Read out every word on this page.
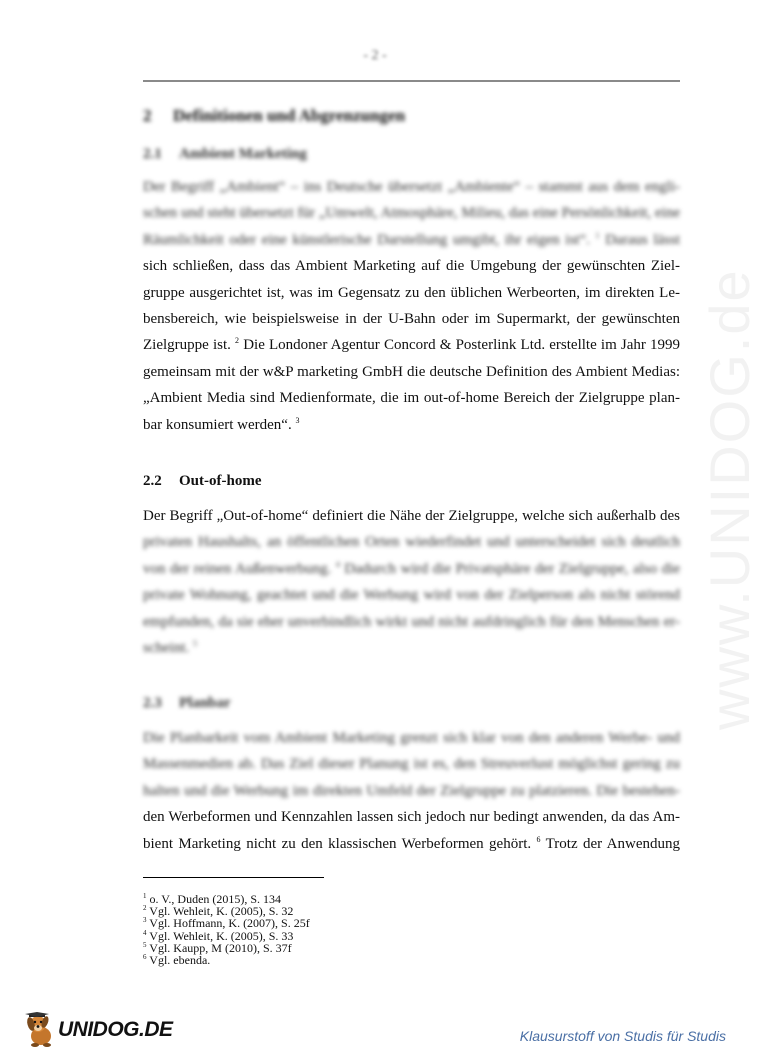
- 2 -
www.UNIDOG.de
2 Definitionen und Abgrenzungen
2.1 Ambient Marketing
Der Begriff „Ambient“ – ins Deutsche übersetzt „Ambiente“ – stammt aus dem engli-
schen und steht übersetzt für „Umwelt, Atmosphäre, Milieu, das eine Persönlichkeit, eine
Räumlichkeit oder eine künstlerische Darstellung umgibt, ihr eigen ist“. $^1$ Daraus lässt
sich schließen, dass das Ambient Marketing auf die Umgebung der gewünschten Ziel-
gruppe ausgerichtet ist, was im Gegensatz zu den üblichen Werbeorten, im direkten Le-
bensbereich, wie beispielsweise in der U-Bahn oder im Supermarkt, der gewünschten
Zielgruppe ist. $^2$ Die Londoner Agentur Concord & Posterlink Ltd. erstellte im Jahr 1999
gemeinsam mit der w&P marketing GmbH die deutsche Definition des Ambient Medias:
„Ambient Media sind Medienformate, die im out-of-home Bereich der Zielgruppe plan-
bar konsumiert werden“. $^3$
2.2 Out-of-home
Der Begriff „Out-of-home“ definiert die Nähe der Zielgruppe, welche sich außerhalb des
privaten Haushalts, an öffentlichen Orten wiederfindet und unterscheidet sich deutlich
von der reinen Außenwerbung. $^4$ Dadurch wird die Privatsphäre der Zielgruppe, also die
private Wohnung, geachtet und die Werbung wird von der Zielperson als nicht störend
empfunden, da sie eher unverbindlich wirkt und nicht aufdringlich für den Menschen er-
scheint. $^5$
2.3 Planbar
Die Planbarkeit vom Ambient Marketing grenzt sich klar von den anderen Werbe- und
Massenmedien ab. Das Ziel dieser Planung ist es, den Streuverlust möglichst gering zu
halten und die Werbung im direkten Umfeld der Zielgruppe zu platzieren. Die bestehen-
den Werbeformen und Kennzahlen lassen sich jedoch nur bedingt anwenden, da das Am-
bient Marketing nicht zu den klassischen Werbeformen gehört. $^6$ Trotz der Anwendung
$^1$ o. V., Duden (2015), S. 134
$^2$ Vgl. Wehleit, K. (2005), S. 32
$^3$ Vgl. Hoffmann, K. (2007), S. 25f
$^4$ Vgl. Wehleit, K. (2005), S. 33
$^5$ Vgl. Kaupp, M (2010), S. 37f
$^6$ Vgl. ebenda.
UNIDOG.DE	Klausurstoff von Studis für Studis
